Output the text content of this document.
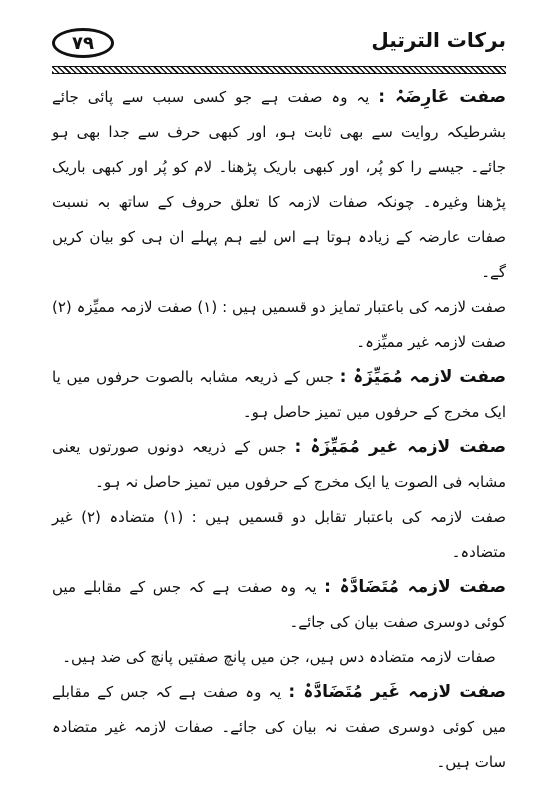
۷۹	برکات الترتیل

صفت عَارِضَہْ : یہ وہ صفت ہے جو کسی سبب سے پائی جائے بشرطیکہ روایت سے بھی ثابت ہو، اور کبھی حرف سے جدا بھی ہو جائے۔ جیسے را کو پُر، اور کبھی باریک پڑھنا۔ لام کو پُر اور کبھی باریک پڑھنا وغیرہ۔ چونکہ صفات لازمہ کا تعلق حروف کے ساتھ بہ نسبت صفات عارضہ کے زیادہ ہوتا ہے اس لیے ہم پہلے ان ہی کو بیان کریں گے۔

صفت لازمہ کی باعتبار تمایز دو قسمیں ہیں : (۱) صفت لازمہ ممیِّزہ (۲) صفت لازمہ غیر ممیِّزہ۔

صفت لازمہ مُمَیِّزَہْ : جس کے ذریعہ مشابہ بالصوت حرفوں میں یا ایک مخرج کے حرفوں میں تمیز حاصل ہو۔

صفت لازمہ غیر مُمَیِّزَہْ : جس کے ذریعہ دونوں صورتوں یعنی مشابہ فی الصوت یا ایک مخرج کے حرفوں میں تمیز حاصل نہ ہو۔

صفت لازمہ کی باعتبار تقابل دو قسمیں ہیں : (۱) متضادہ (۲) غیر متضادہ۔

صفت لازمہ مُتَضَادَّہْ : یہ وہ صفت ہے کہ جس کے مقابلے میں کوئی دوسری صفت بیان کی جائے۔

صفات لازمہ متضادہ دس ہیں، جن میں پانچ صفتیں پانچ کی ضد ہیں۔

صفت لازمہ غَیر مُتَضَادَّہْ : یہ وہ صفت ہے کہ جس کے مقابلے میں کوئی دوسری صفت نہ بیان کی جائے۔ صفات لازمہ غیر متضادہ سات ہیں۔
